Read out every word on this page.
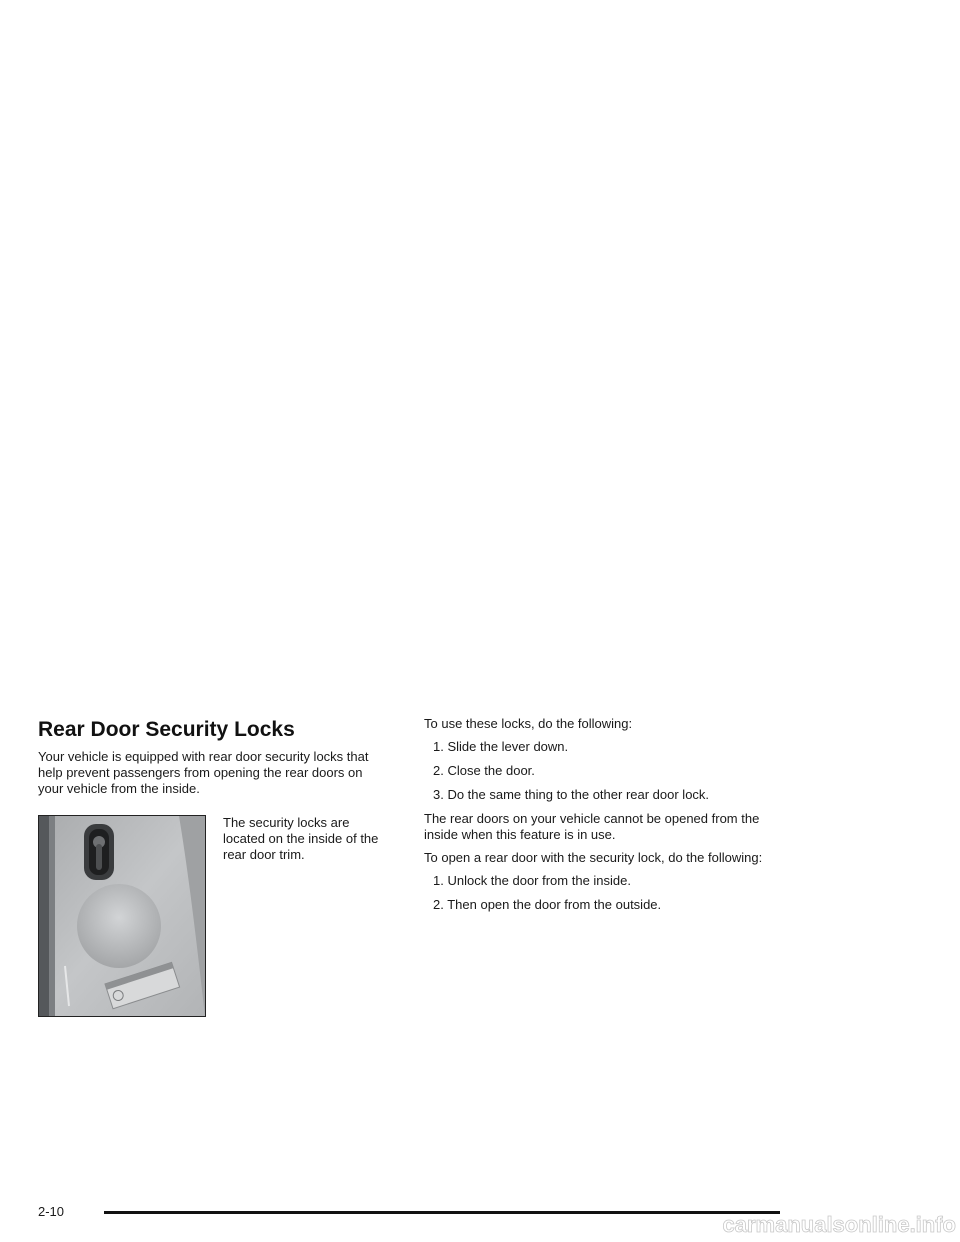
Rear Door Security Locks

Your vehicle is equipped with rear door security locks that help prevent passengers from opening the rear doors on your vehicle from the inside.

The security locks are located on the inside of the rear door trim.

To use these locks, do the following:

1. Slide the lever down.
2. Close the door.
3. Do the same thing to the other rear door lock.

The rear doors on your vehicle cannot be opened from the inside when this feature is in use.

To open a rear door with the security lock, do the following:

1. Unlock the door from the inside.
2. Then open the door from the outside.
2-10
carmanualsonline.info
